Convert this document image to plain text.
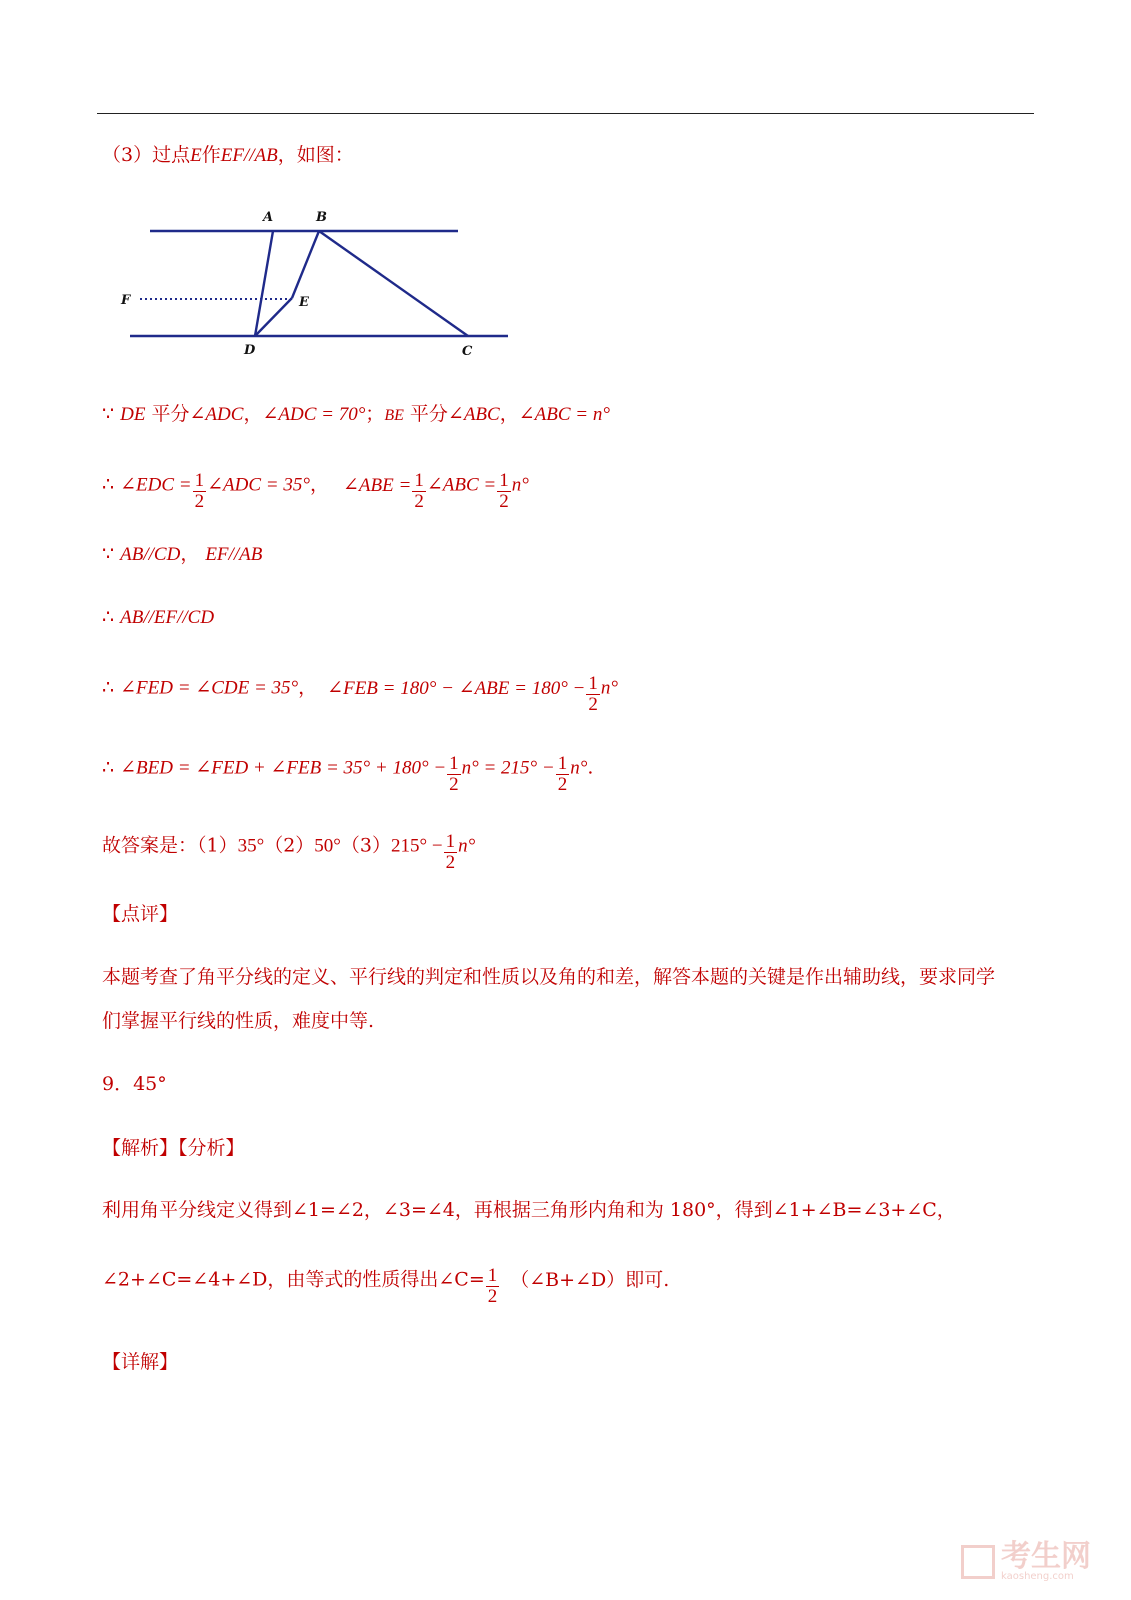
（3）过点E作EF//AB，如图：
A	B
F	E
D	C
∵ DE 平分∠ADC，∠ADC = 70°；BE 平分∠ABC，∠ABC = n°
∴ ∠EDC = $\frac{1}{2}$ ∠ADC = 35°， ∠ABE = $\frac{1}{2}$ ∠ABC = $\frac{1}{2} n^\circ$
∵ AB//CD， EF//AB
∴ AB//EF//CD
∴ ∠FED = ∠CDE = 35°， ∠FEB = 180° − ∠ABE = $180^\circ - \frac{1}{2} n^\circ$
∴ ∠BED = ∠FED + ∠FEB = $35^\circ + 180^\circ - \frac{1}{2} n^\circ = 215^\circ - \frac{1}{2} n^\circ$.
故答案是：$(1)35^\circ(2)50^\circ(3)215^\circ - \frac{1}{2} n^\circ$
【点评】
本题考查了角平分线的定义、平行线的判定和性质以及角的和差，解答本题的关键是作出辅助线，要求同学们掌握平行线的性质，难度中等.
9．45°
【解析】【分析】
利用角平分线定义得到∠1=∠2，∠3=∠4，再根据三角形内角和为 180°，得到∠1+∠B=∠3+∠C，
∠2+∠C=∠4+∠D，由等式的性质得出∠C= $\frac{1}{2}$ （∠B+∠D）即可.
【详解】
考生网
kaosheng.com
